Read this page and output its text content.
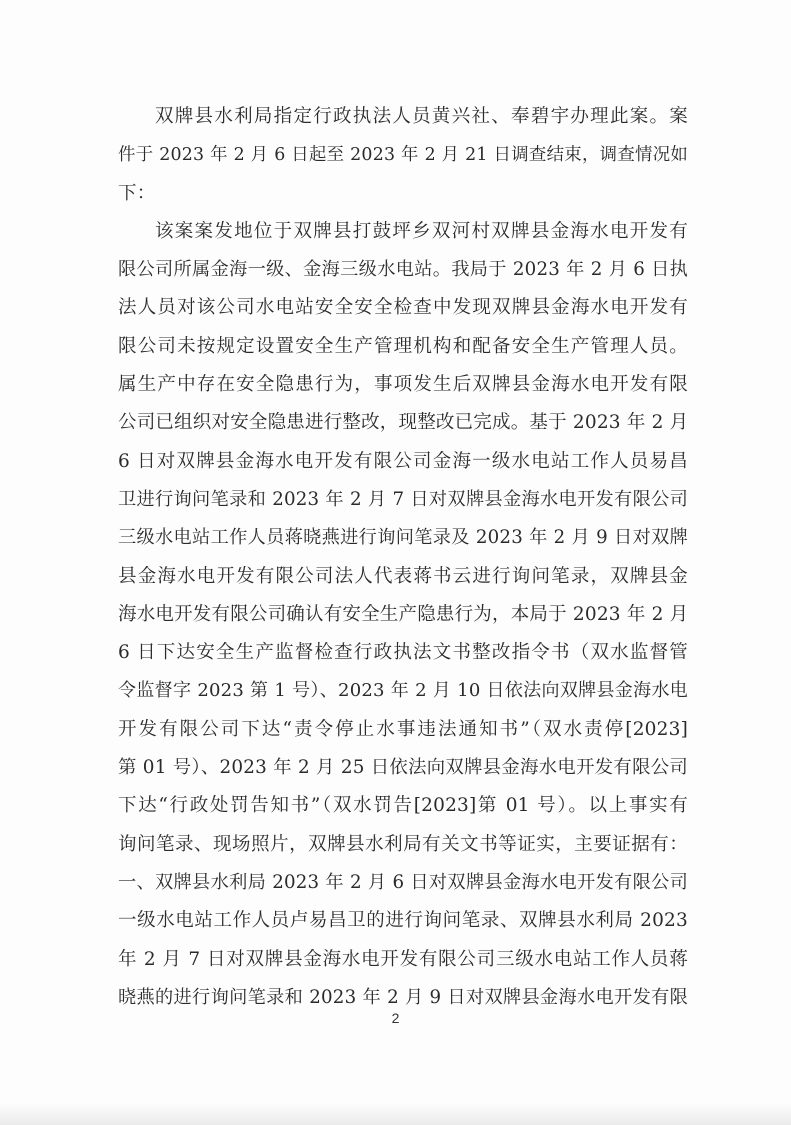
双牌县水利局指定行政执法人员黄兴社、奉碧宇办理此案。案
件于 2023 年 2 月 6 日起至 2023 年 2 月 21 日调查结束，调查情况如
下：
该案案发地位于双牌县打鼓坪乡双河村双牌县金海水电开发有
限公司所属金海一级、金海三级水电站。我局于 2023 年 2 月 6 日执
法人员对该公司水电站安全安全检查中发现双牌县金海水电开发有
限公司未按规定设置安全生产管理机构和配备安全生产管理人员。
属生产中存在安全隐患行为，事项发生后双牌县金海水电开发有限
公司已组织对安全隐患进行整改，现整改已完成。基于 2023 年 2 月
6 日对双牌县金海水电开发有限公司金海一级水电站工作人员易昌
卫进行询问笔录和 2023 年 2 月 7 日对双牌县金海水电开发有限公司
三级水电站工作人员蒋晓燕进行询问笔录及 2023 年 2 月 9 日对双牌
县金海水电开发有限公司法人代表蒋书云进行询问笔录，双牌县金
海水电开发有限公司确认有安全生产隐患行为，本局于 2023 年 2 月
6 日下达安全生产监督检查行政执法文书整改指令书（双水监督管
令监督字 2023 第 1 号）、2023 年 2 月 10 日依法向双牌县金海水电
开发有限公司下达“责令停止水事违法通知书”（双水责停[2023]
第 01 号）、2023 年 2 月 25 日依法向双牌县金海水电开发有限公司
下达“行政处罚告知书”（双水罚告[2023]第 01 号）。以上事实有
询问笔录、现场照片，双牌县水利局有关文书等证实，主要证据有：
一、双牌县水利局 2023 年 2 月 6 日对双牌县金海水电开发有限公司
一级水电站工作人员卢易昌卫的进行询问笔录、双牌县水利局 2023
年 2 月 7 日对双牌县金海水电开发有限公司三级水电站工作人员蒋
晓燕的进行询问笔录和 2023 年 2 月 9 日对双牌县金海水电开发有限
2
